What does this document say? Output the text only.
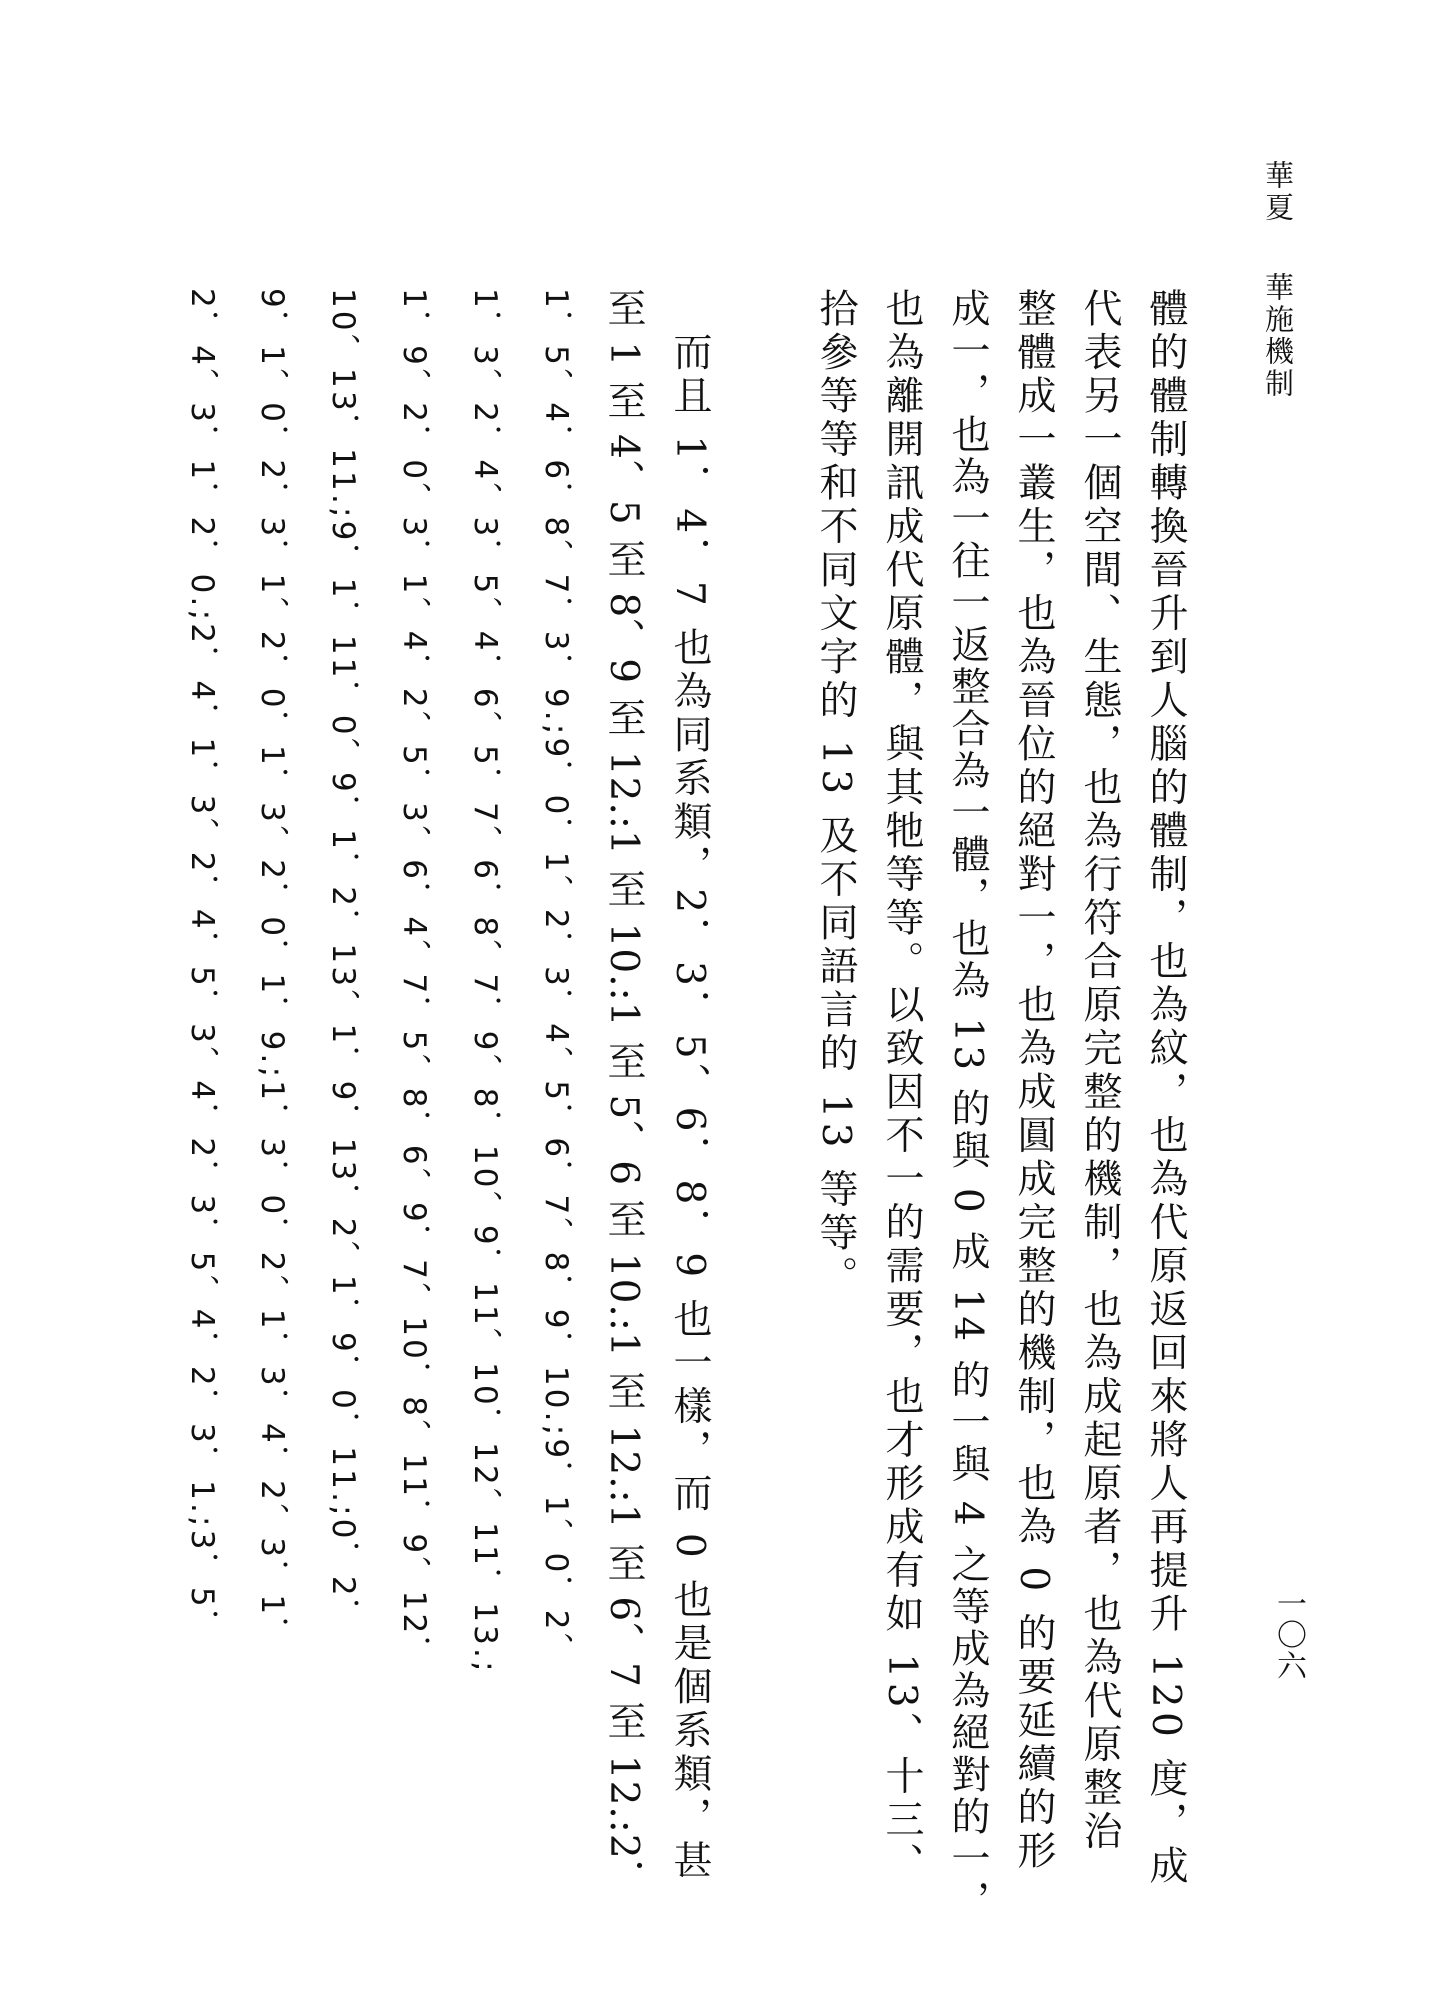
華夏華施機制
一〇六
體的體制轉換晉升到人腦的體制，也為紋，也為代原返回來將人再提升 120 度，成
代表另一個空間、生態，也為行符合原完整的機制，也為成起原者，也為代原整治
整體成一叢生，也為晉位的絕對一，也為成圓成完整的機制，也為 0 的要延續的形
成一，也為一往一返整合為一體，也為 13 的與 0 成 14 的一與 4 之等成為絕對的一，
也為離開訊成代原體，與其牠等等。以致因不一的需要，也才形成有如 13、十三、
拾參等等和不同文字的 13 及不同語言的 13 等等。
　而且 1．4．7 也為同系類，2．3．5、6．8．9 也一樣，而 0 也是個系類，甚
至 1 至 4、5 至 8、9 至 12.:1 至 10.:1 至 5、6 至 10.:1 至 12.:1 至 6、7 至 12.:2．
1．5、4．6．8、7．3．9.;9．0．1、2．3．4、5．6．7、8．9．10.;9．1、0．2、
1．3、2．4、3．5、4．6、5．7、6．8、7．9、8．10、9．11、10．12、11．13.;
1．9、2．0、3．1、4．2、5．3、6．4、7．5、8．6、9．7、10．8、11．9、12．
10、13．11.;9．1．11．0、9．1．2．13、1．9．13．2、1．9．0．11.;0．2．
9．1、0．2．3．1、2．0．1．3、2．0．1．9.;1．3．0．2、1．3．4．2、3．1．
2．4、3．1．2．0.;2．4．1．3、2．4．5．3、4．2．3．5、4．2．3．1.;3．5．
